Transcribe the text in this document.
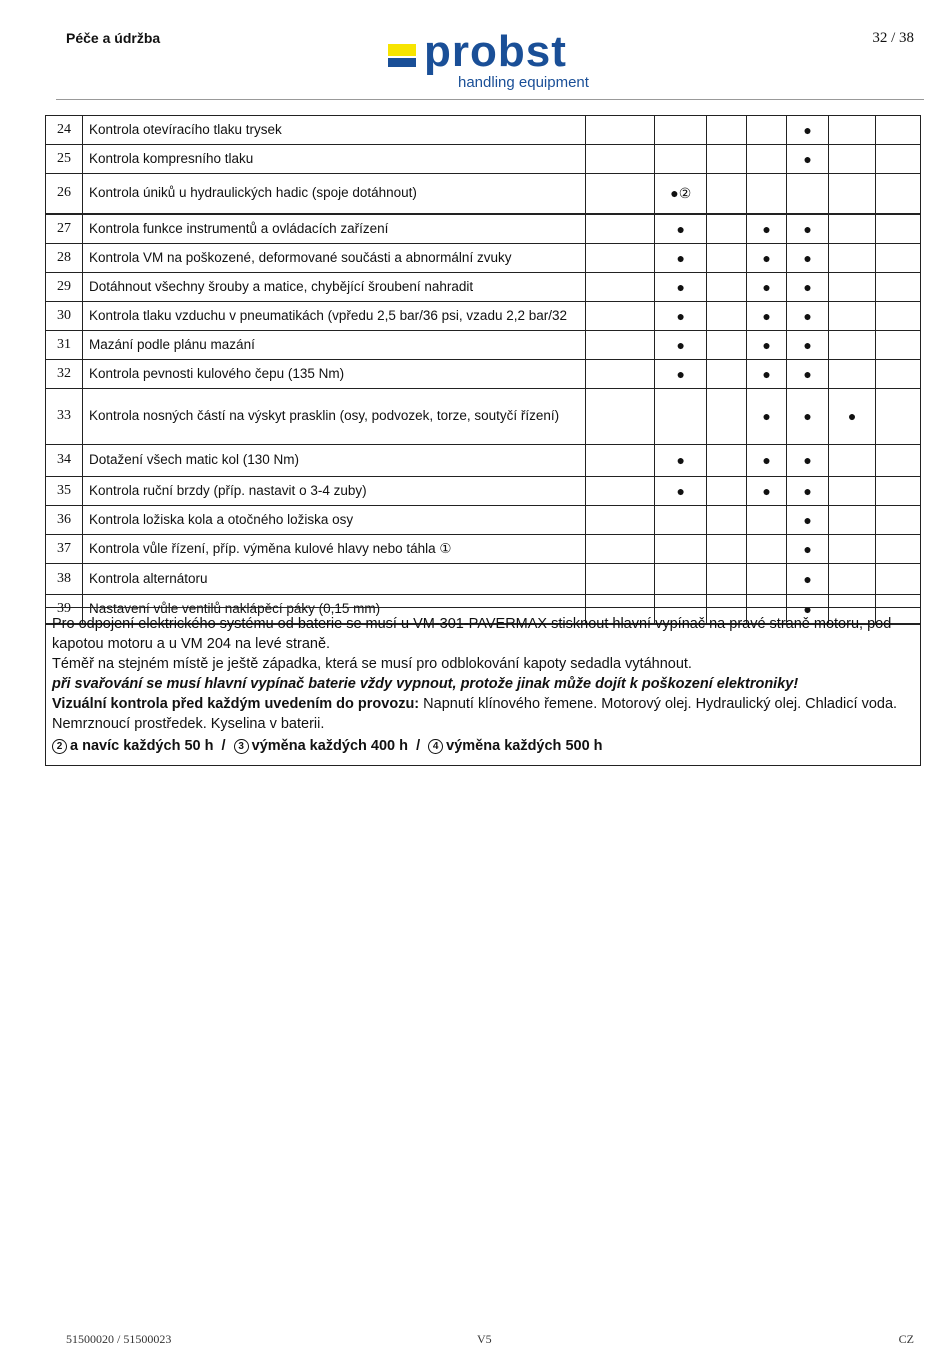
Péče a údržba	32 / 38
probst
handling equipment
24	Kontrola otevíracího tlaku trysek					●		
25	Kontrola kompresního tlaku					●		
26	Kontrola úniků u hydraulických hadic (spoje dotáhnout)		●②					
27	Kontrola funkce instrumentů a ovládacích zařízení		●		●	●		
28	Kontrola VM na poškozené, deformované součásti a abnormální zvuky		●		●	●		
29	Dotáhnout všechny šrouby a matice, chybějící šroubení nahradit		●		●	●		
30	Kontrola tlaku vzduchu v pneumatikách (vpředu 2,5 bar/36 psi, vzadu 2,2 bar/32		●		●	●		
31	Mazání podle plánu mazání		●		●	●		
32	Kontrola pevnosti kulového čepu (135 Nm)		●		●	●		
33	Kontrola nosných částí na výskyt prasklin (osy, podvozek, torze, soutyčí řízení)				●	●	●	
34	Dotažení všech matic kol (130 Nm)		●		●	●		
35	Kontrola ruční brzdy (příp. nastavit o 3-4 zuby)		●		●	●		
36	Kontrola ložiska kola a otočného ložiska osy					●		
37	Kontrola vůle řízení, příp. výměna kulové hlavy nebo táhla ①					●		
38	Kontrola alternátoru					●		
39	Nastavení vůle ventilů naklápěcí páky (0,15 mm)					●		

Pro odpojení elektrického systému od baterie se musí u VM-301-PAVERMAX stisknout hlavní vypínač na pravé straně motoru, pod kapotou motoru a u VM 204 na levé straně.

Téměř na stejném místě je ještě západka, která se musí pro odblokování kapoty sedadla vytáhnout.

při svařování se musí hlavní vypínač baterie vždy vypnout, protože jinak může dojít k poškození elektroniky!

Vizuální kontrola před každým uvedením do provozu: Napnutí klínového řemene. Motorový olej. Hydraulický olej. Chladicí voda. Nemrznoucí prostředek. Kyselina v baterii.

2 a navíc každých 50 h / 3 výměna každých 400 h / 4 výměna každých 500 h

51500020 / 51500023	V5	CZ
